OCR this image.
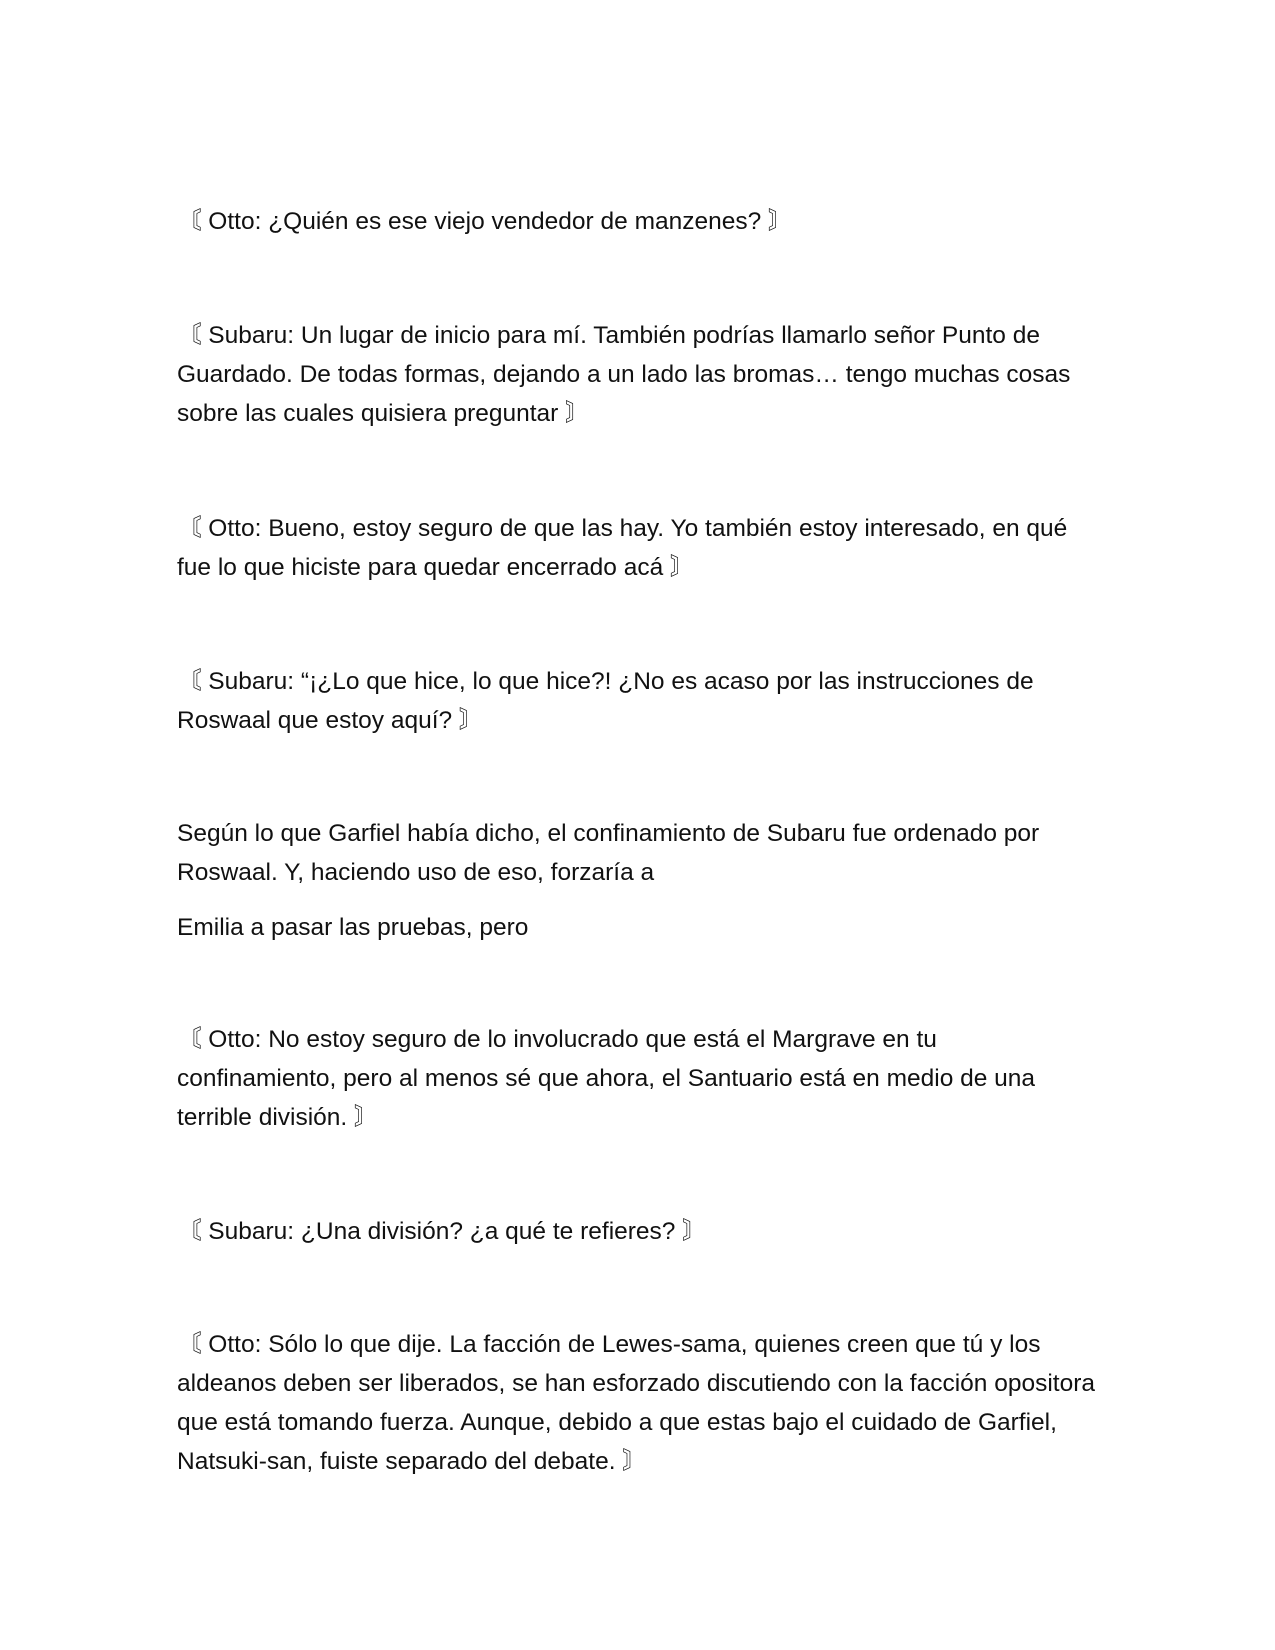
〘 Otto: ¿Quién es ese viejo vendedor de manzenes? 〙

〘 Subaru: Un lugar de inicio para mí. También podrías llamarlo señor Punto de Guardado. De todas formas, dejando a un lado las bromas… tengo muchas cosas sobre las cuales quisiera preguntar 〙

〘 Otto: Bueno, estoy seguro de que las hay. Yo también estoy interesado, en qué fue lo que hiciste para quedar encerrado acá 〙

〘 Subaru: “¡¿Lo que hice, lo que hice?! ¿No es acaso por las instrucciones de Roswaal que estoy aquí? 〙

Según lo que Garfiel había dicho, el confinamiento de Subaru fue ordenado por Roswaal. Y, haciendo uso de eso, forzaría a

Emilia a pasar las pruebas, pero

〘 Otto: No estoy seguro de lo involucrado que está el Margrave en tu confinamiento, pero al menos sé que ahora, el Santuario está en medio de una terrible división. 〙

〘 Subaru: ¿Una división? ¿a qué te refieres? 〙

〘 Otto: Sólo lo que dije. La facción de Lewes-sama, quienes creen que tú y los aldeanos deben ser liberados, se han esforzado discutiendo con la facción opositora que está tomando fuerza. Aunque, debido a que estas bajo el cuidado de Garfiel, Natsuki-san, fuiste separado del debate. 〙
